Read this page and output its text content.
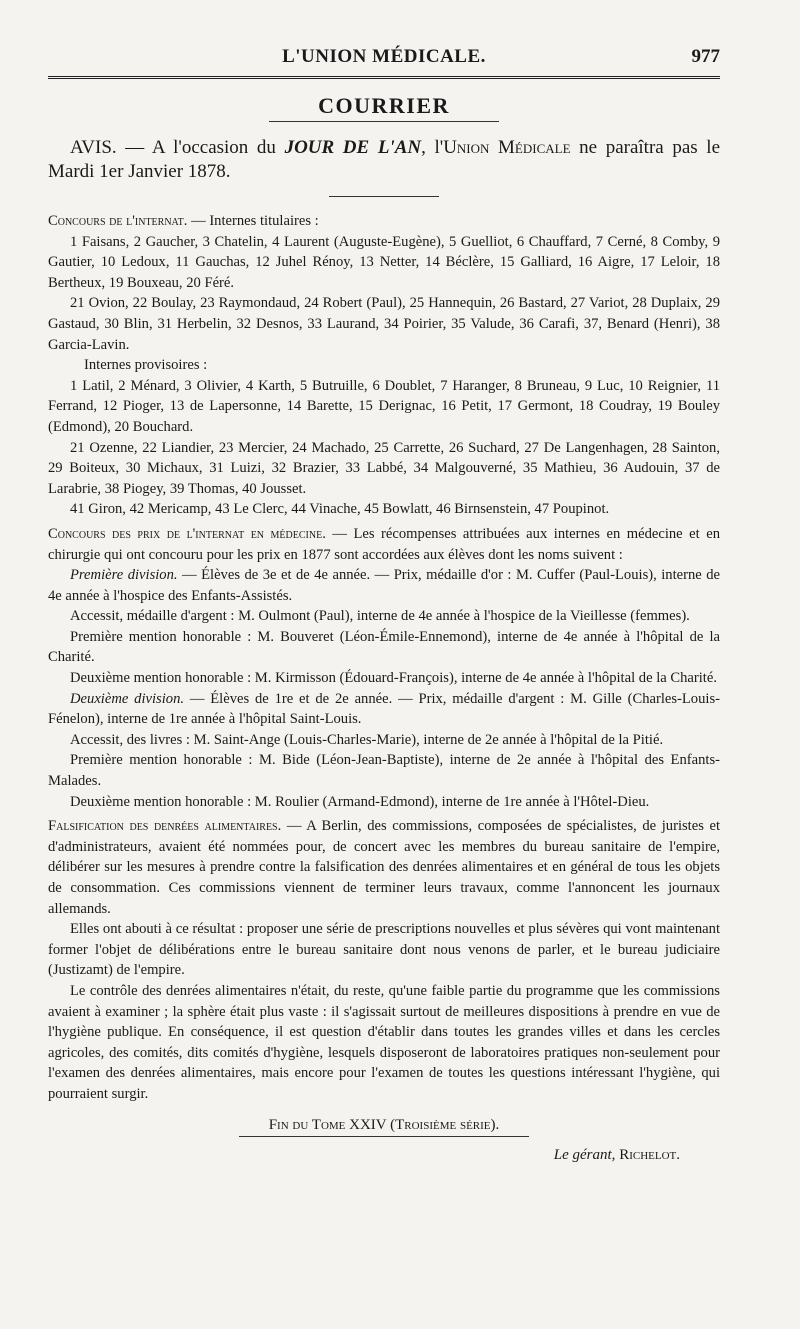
L'UNION MÉDICALE.	977
COURRIER
AVIS. — A l'occasion du JOUR DE L'AN, l'Union Médicale ne paraîtra pas le Mardi 1er Janvier 1878.

Concours de l'internat. — Internes titulaires :

1 Faisans, 2 Gaucher, 3 Chatelin, 4 Laurent (Auguste-Eugène), 5 Guelliot, 6 Chauffard, 7 Cerné, 8 Comby, 9 Gautier, 10 Ledoux, 11 Gauchas, 12 Juhel Rénoy, 13 Netter, 14 Béclère, 15 Galliard, 16 Aigre, 17 Leloir, 18 Bertheux, 19 Bouxeau, 20 Féré.

21 Ovion, 22 Boulay, 23 Raymondaud, 24 Robert (Paul), 25 Hannequin, 26 Bastard, 27 Variot, 28 Duplaix, 29 Gastaud, 30 Blin, 31 Herbelin, 32 Desnos, 33 Laurand, 34 Poirier, 35 Valude, 36 Carafi, 37, Benard (Henri), 38 Garcia-Lavin.

Internes provisoires :

1 Latil, 2 Ménard, 3 Olivier, 4 Karth, 5 Butruille, 6 Doublet, 7 Haranger, 8 Bruneau, 9 Luc, 10 Reignier, 11 Ferrand, 12 Pioger, 13 de Lapersonne, 14 Barette, 15 Derignac, 16 Petit, 17 Germont, 18 Coudray, 19 Bouley (Edmond), 20 Bouchard.

21 Ozenne, 22 Liandier, 23 Mercier, 24 Machado, 25 Carrette, 26 Suchard, 27 De Langenhagen, 28 Sainton, 29 Boiteux, 30 Michaux, 31 Luizi, 32 Brazier, 33 Labbé, 34 Malgouverné, 35 Mathieu, 36 Audouin, 37 de Larabrie, 38 Piogey, 39 Thomas, 40 Jousset.

41 Giron, 42 Mericamp, 43 Le Clerc, 44 Vinache, 45 Bowlatt, 46 Birnsenstein, 47 Poupinot.

Concours des prix de l'internat en médecine. — Les récompenses attribuées aux internes en médecine et en chirurgie qui ont concouru pour les prix en 1877 sont accordées aux élèves dont les noms suivent :

Première division. — Élèves de 3e et de 4e année. — Prix, médaille d'or : M. Cuffer (Paul-Louis), interne de 4e année à l'hospice des Enfants-Assistés.

Accessit, médaille d'argent : M. Oulmont (Paul), interne de 4e année à l'hospice de la Vieillesse (femmes).

Première mention honorable : M. Bouveret (Léon-Émile-Ennemond), interne de 4e année à l'hôpital de la Charité.

Deuxième mention honorable : M. Kirmisson (Édouard-François), interne de 4e année à l'hôpital de la Charité.

Deuxième division. — Élèves de 1re et de 2e année. — Prix, médaille d'argent : M. Gille (Charles-Louis-Fénelon), interne de 1re année à l'hôpital Saint-Louis.

Accessit, des livres : M. Saint-Ange (Louis-Charles-Marie), interne de 2e année à l'hôpital de la Pitié.

Première mention honorable : M. Bide (Léon-Jean-Baptiste), interne de 2e année à l'hôpital des Enfants-Malades.

Deuxième mention honorable : M. Roulier (Armand-Edmond), interne de 1re année à l'Hôtel-Dieu.

Falsification des denrées alimentaires. — A Berlin, des commissions, composées de spécialistes, de juristes et d'administrateurs, avaient été nommées pour, de concert avec les membres du bureau sanitaire de l'empire, délibérer sur les mesures à prendre contre la falsification des denrées alimentaires et en général de tous les objets de consommation. Ces commissions viennent de terminer leurs travaux, comme l'annoncent les journaux allemands.

Elles ont abouti à ce résultat : proposer une série de prescriptions nouvelles et plus sévères qui vont maintenant former l'objet de délibérations entre le bureau sanitaire dont nous venons de parler, et le bureau judiciaire (Justizamt) de l'empire.

Le contrôle des denrées alimentaires n'était, du reste, qu'une faible partie du programme que les commissions avaient à examiner ; la sphère était plus vaste : il s'agissait surtout de meilleures dispositions à prendre en vue de l'hygiène publique. En conséquence, il est question d'établir dans toutes les grandes villes et dans les cercles agricoles, des comités, dits comités d'hygiène, lesquels disposeront de laboratoires pratiques non-seulement pour l'examen des denrées alimentaires, mais encore pour l'examen de toutes les questions intéressant l'hygiène, qui pourraient surgir.

Fin du Tome XXIV (Troisième série).
Le gérant, Richelot.
